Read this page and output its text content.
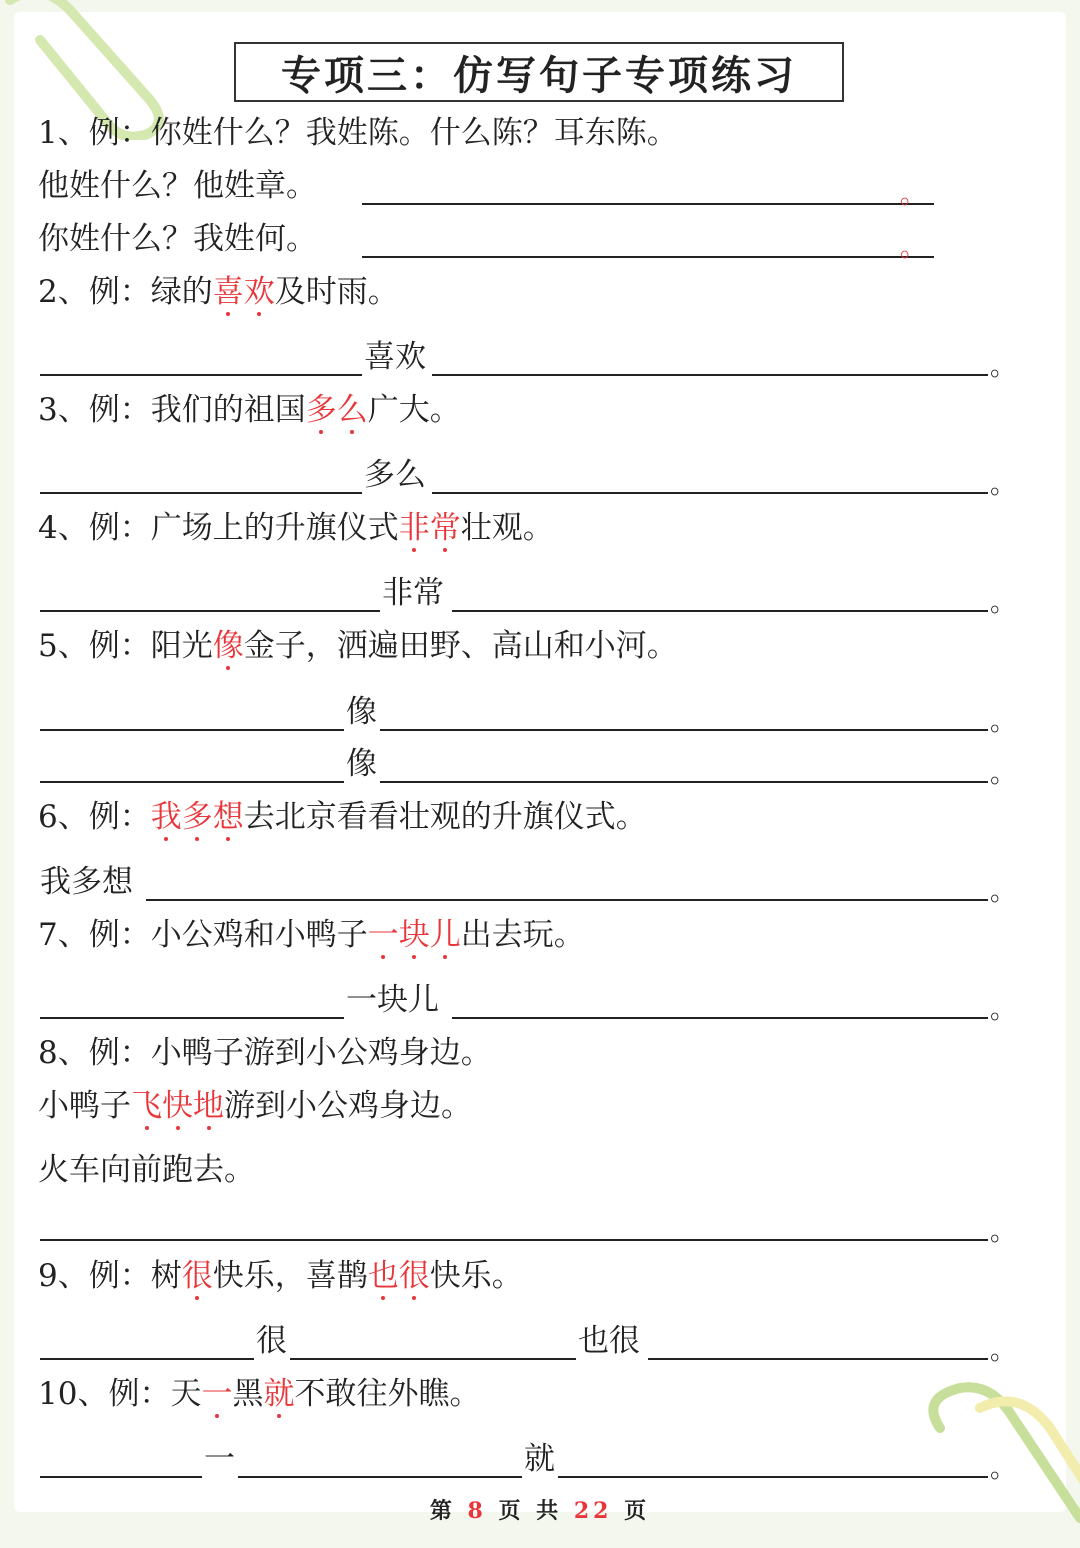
专项三：仿写句子专项练习
1、例：你姓什么？我姓陈。什么陈？耳东陈。
他姓什么？他姓章。	。
你姓什么？我姓何。	。
2、例：绿的喜欢及时雨。
喜欢	。
3、例：我们的祖国多么广大。
多么	。
4、例：广场上的升旗仪式非常壮观。
非常	。
5、例：阳光像金子，洒遍田野、高山和小河。
像	。
像	。
6、例：我多想去北京看看壮观的升旗仪式。
我多想	。
7、例：小公鸡和小鸭子一块儿出去玩。
一块儿	。
8、例：小鸭子游到小公鸡身边。
小鸭子飞快地游到小公鸡身边。
火车向前跑去。
。
9、例：树很快乐，喜鹊也很快乐。
很	也很	。
10、例：天一黑就不敢往外瞧。
一	就	。
第 8 页 共 22 页
